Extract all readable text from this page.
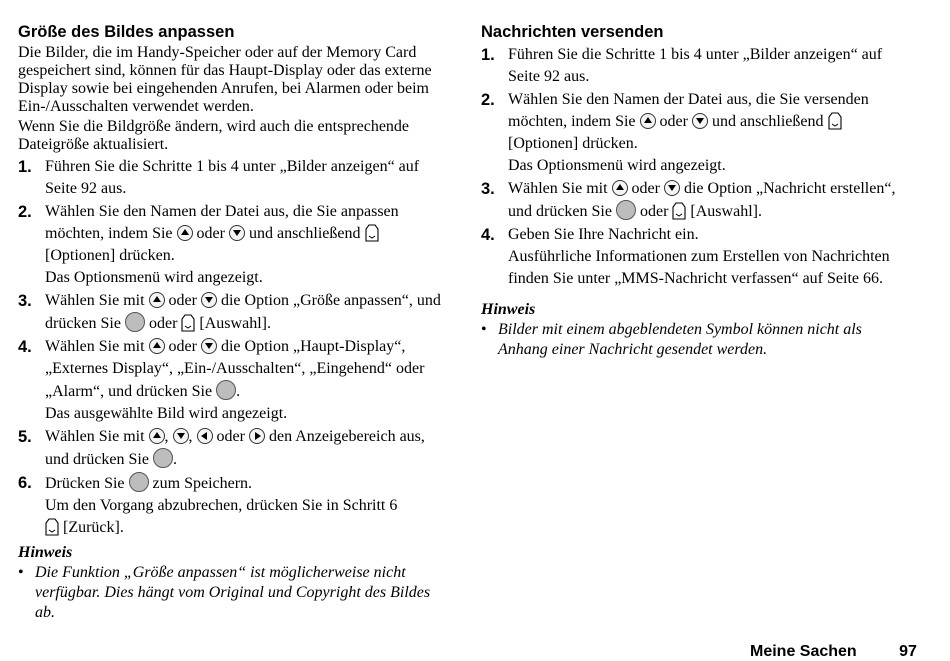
Größe des Bildes anpassen

Die Bilder, die im Handy-Speicher oder auf der Memory Card gespeichert sind, können für das Haupt-Display oder das externe Display sowie bei eingehenden Anrufen, bei Alarmen oder beim Ein-/Ausschalten verwendet werden.

Wenn Sie die Bildgröße ändern, wird auch die entsprechende Dateigröße aktualisiert.

1. Führen Sie die Schritte 1 bis 4 unter „Bilder anzeigen“ auf Seite 92 aus.
2. Wählen Sie den Namen der Datei aus, die Sie anpassen möchten, indem Sie oder und anschließend  [Optionen] drücken.
Das Optionsmenü wird angezeigt.
3. Wählen Sie mit oder die Option „Größe anpassen“, und drücken Sie oder [Auswahl].
4. Wählen Sie mit oder die Option „Haupt-Display“, „Externes Display“, „Ein-/Ausschalten“, „Eingehend“ oder „Alarm“, und drücken Sie .
Das ausgewählte Bild wird angezeigt.
5. Wählen Sie mit , , oder den Anzeigebereich aus, und drücken Sie .
6. Drücken Sie zum Speichern.
Um den Vorgang abzubrechen, drücken Sie in Schritt 6
[Zurück].
Hinweis
• Die Funktion „Größe anpassen“ ist möglicherweise nicht verfügbar. Dies hängt vom Original und Copyright des Bildes ab.
Nachrichten versenden
1. Führen Sie die Schritte 1 bis 4 unter „Bilder anzeigen“ auf Seite 92 aus.
2. Wählen Sie den Namen der Datei aus, die Sie versenden möchten, indem Sie oder und anschließend  [Optionen] drücken.
Das Optionsmenü wird angezeigt.
3. Wählen Sie mit oder die Option „Nachricht erstellen“, und drücken Sie oder [Auswahl].
4. Geben Sie Ihre Nachricht ein.
Ausführliche Informationen zum Erstellen von Nachrichten finden Sie unter „MMS-Nachricht verfassen“ auf Seite 66.
Hinweis
• Bilder mit einem abgeblendeten Symbol können nicht als Anhang einer Nachricht gesendet werden.
Meine Sachen	97
